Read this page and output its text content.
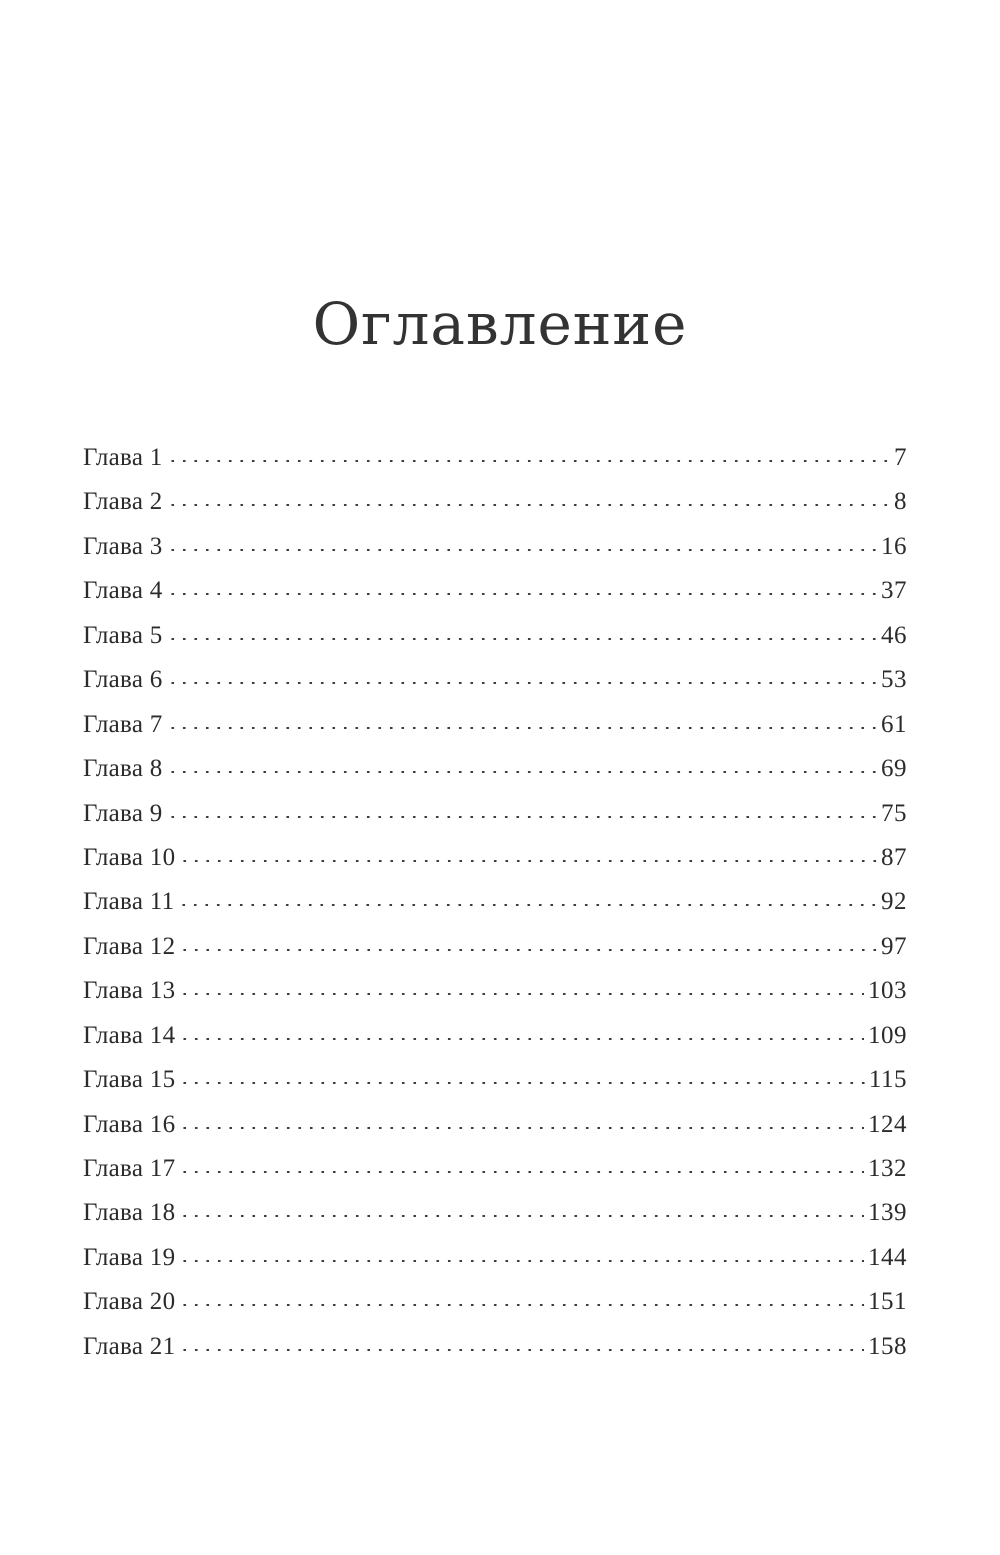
Оглавление
Глава 1	7
Глава 2	8
Глава 3	16
Глава 4	37
Глава 5	46
Глава 6	53
Глава 7	61
Глава 8	69
Глава 9	75
Глава 10	87
Глава 11	92
Глава 12	97
Глава 13	103
Глава 14	109
Глава 15	115
Глава 16	124
Глава 17	132
Глава 18	139
Глава 19	144
Глава 20	151
Глава 21	158
